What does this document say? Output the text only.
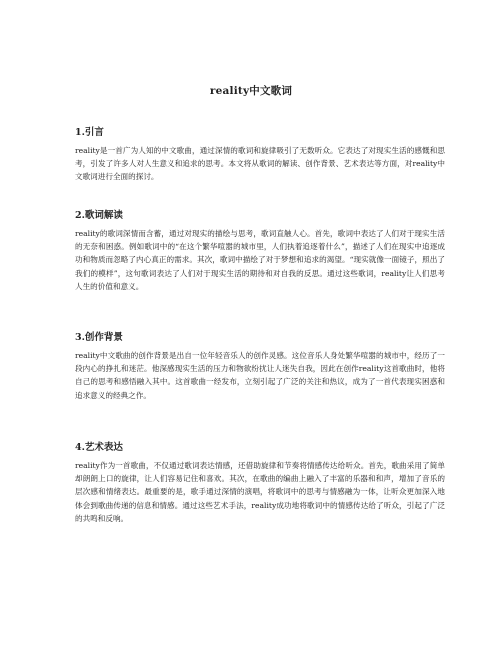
reality中文歌词
1.引言

reality是一首广为人知的中文歌曲，通过深情的歌词和旋律吸引了无数听众。它表达了对现实生活的感慨和思考，引发了许多人对人生意义和追求的思考。本文将从歌词的解读、创作背景、艺术表达等方面，对reality中文歌词进行全面的探讨。

2.歌词解读

reality的歌词深情而含蓄，通过对现实的描绘与思考，歌词直触人心。首先，歌词中表达了人们对于现实生活的无奈和困惑。例如歌词中的“在这个繁华喧嚣的城市里，人们执着追逐着什么”，描述了人们在现实中追逐成功和物质而忽略了内心真正的需求。其次，歌词中描绘了对于梦想和追求的渴望。“现实就像一面镜子，照出了我们的模样”，这句歌词表达了人们对于现实生活的期待和对自我的反思。通过这些歌词，reality让人们思考人生的价值和意义。

3.创作背景

reality中文歌曲的创作背景是出自一位年轻音乐人的创作灵感。这位音乐人身处繁华喧嚣的城市中，经历了一段内心的挣扎和迷茫。他深感现实生活的压力和物欲纷扰让人迷失自我，因此在创作reality这首歌曲时，他将自己的思考和感悟融入其中。这首歌曲一经发布，立刻引起了广泛的关注和热议，成为了一首代表现实困惑和追求意义的经典之作。

4.艺术表达

reality作为一首歌曲，不仅通过歌词表达情感，还借助旋律和节奏将情感传达给听众。首先，歌曲采用了简单却朗朗上口的旋律，让人们容易记住和喜欢。其次，在歌曲的编曲上融入了丰富的乐器和和声，增加了音乐的层次感和情绪表达。最重要的是，歌手通过深情的演唱，将歌词中的思考与情感融为一体，让听众更加深入地体会到歌曲传递的信息和情感。通过这些艺术手法，reality成功地将歌词中的情感传达给了听众，引起了广泛的共鸣和反响。
